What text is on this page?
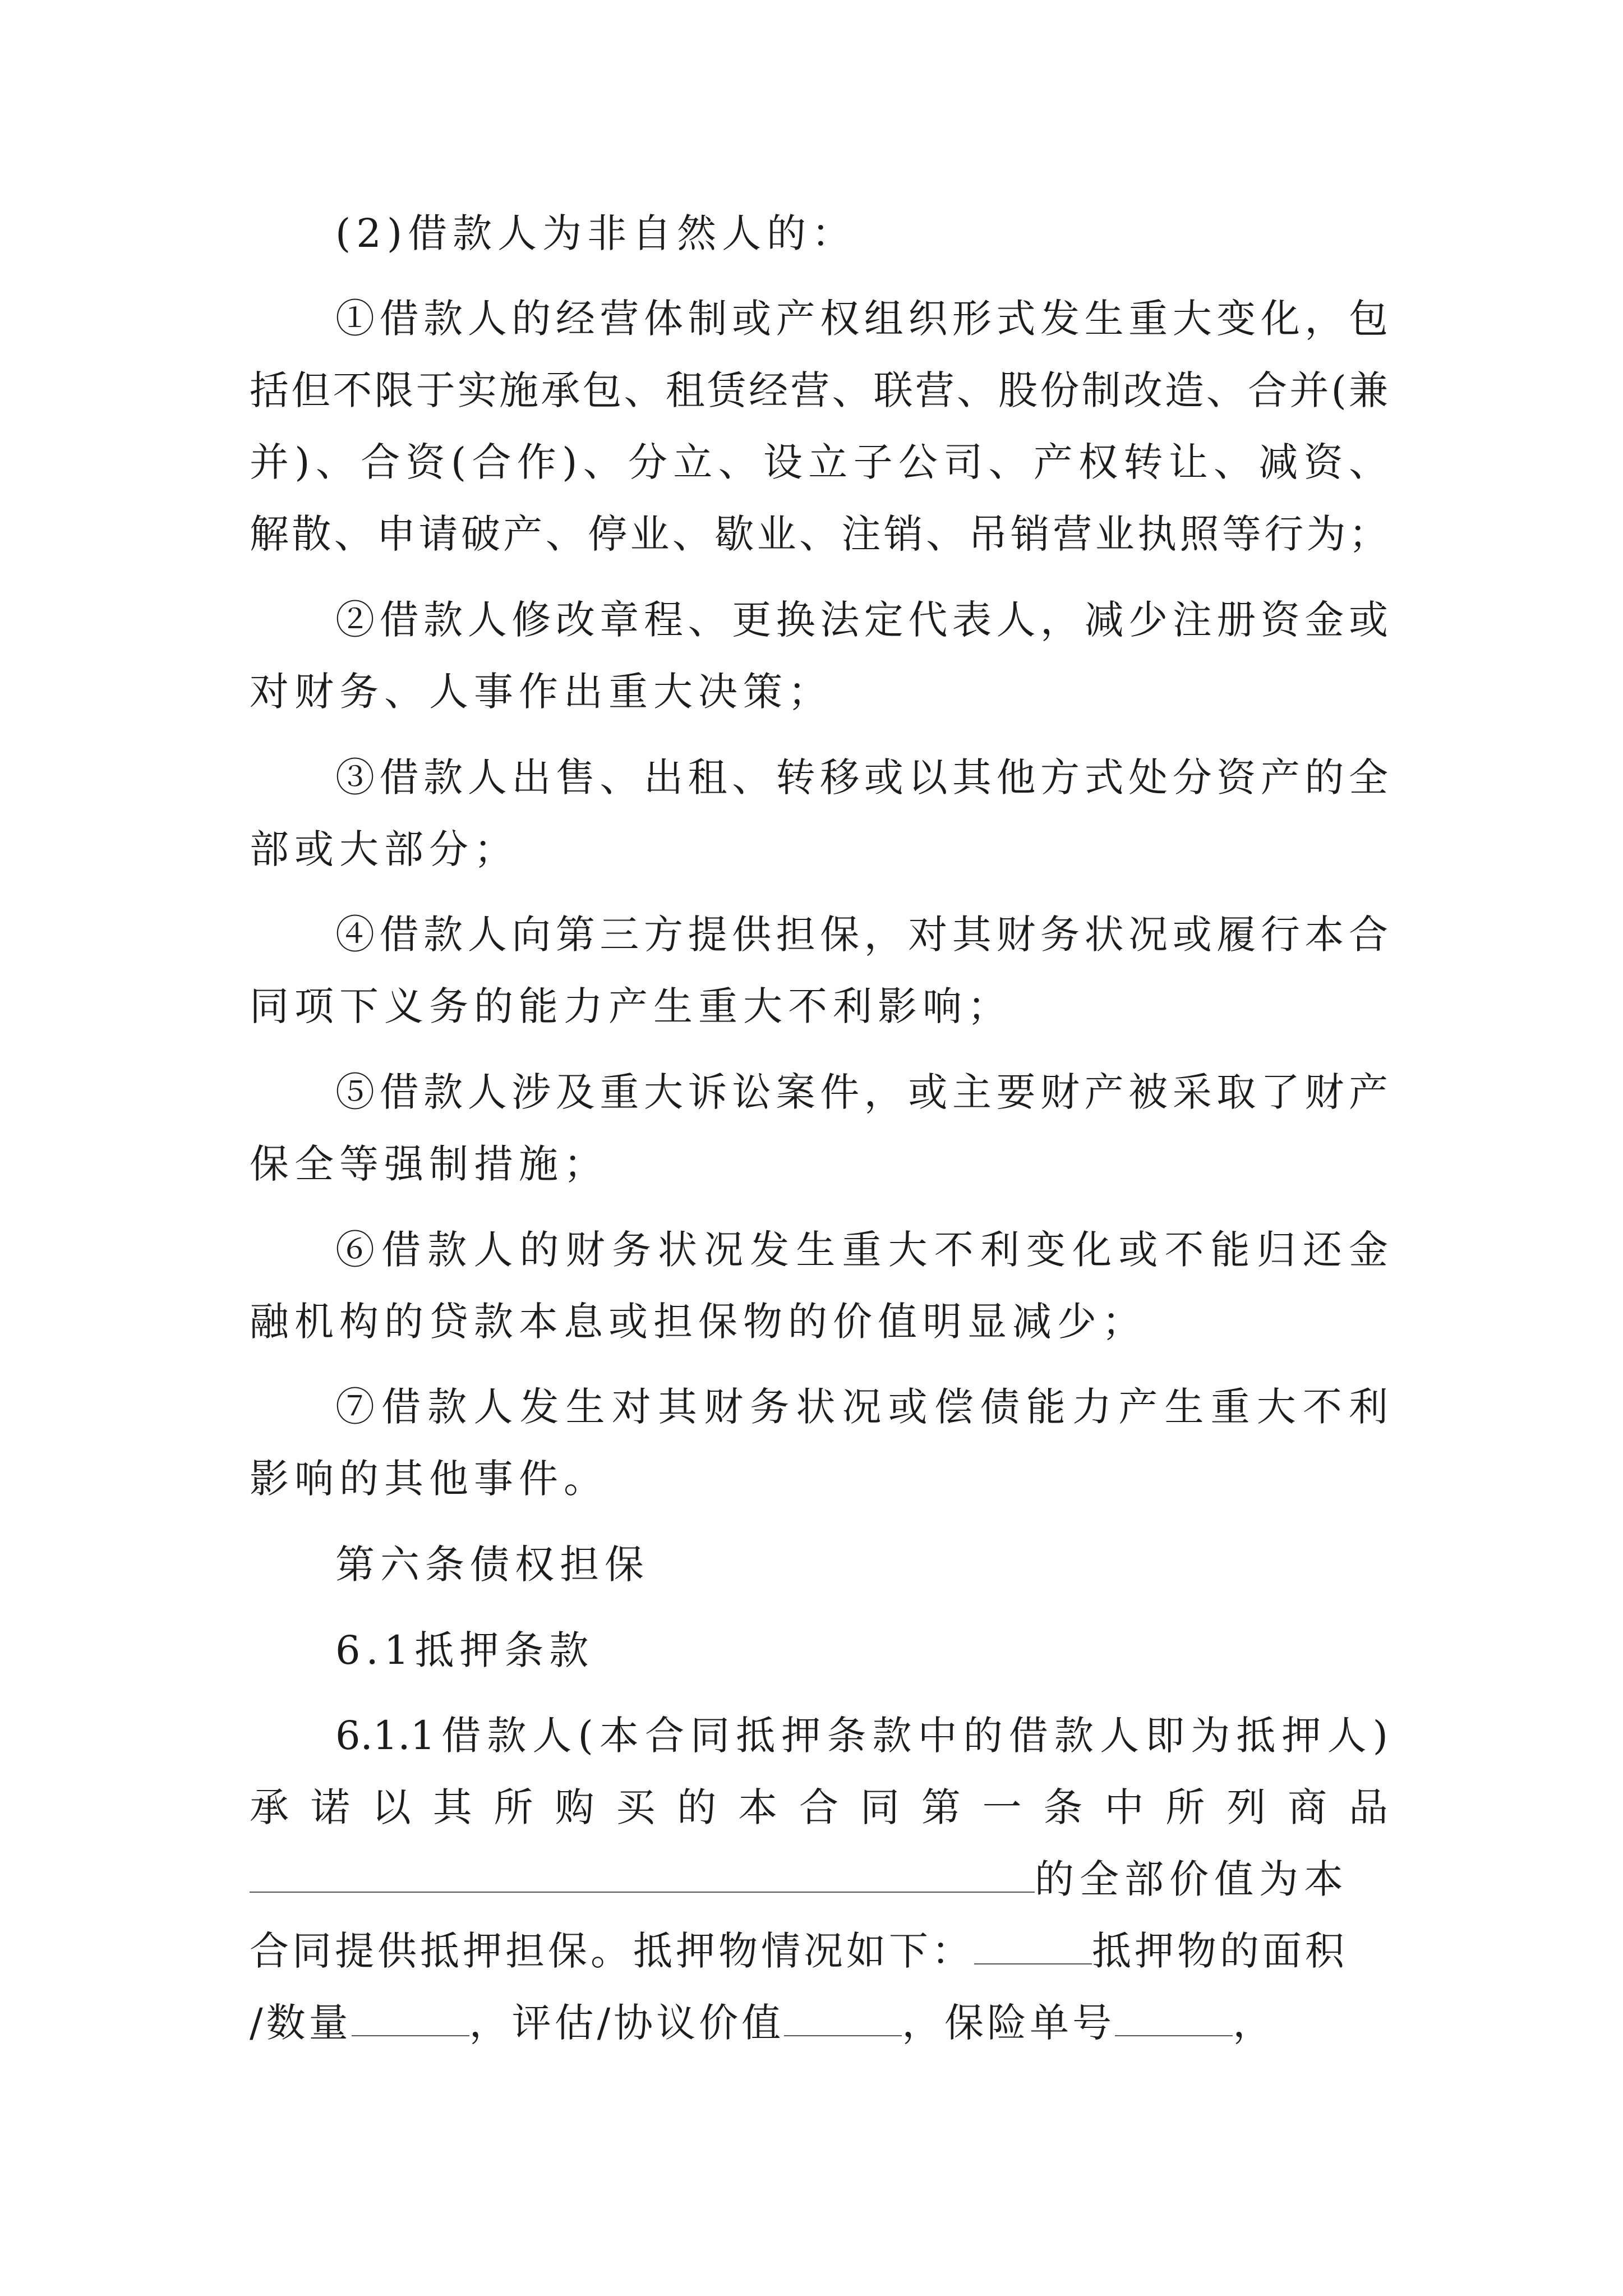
(2)借款人为非自然人的：
①借款人的经营体制或产权组织形式发生重大变化，包
括但不限于实施承包、租赁经营、联营、股份制改造、合并(兼
并)、合资(合作)、分立、设立子公司、产权转让、减资、
解散、申请破产、停业、歇业、注销、吊销营业执照等行为；
②借款人修改章程、更换法定代表人，减少注册资金或
对财务、人事作出重大决策；
③借款人出售、出租、转移或以其他方式处分资产的全
部或大部分；
④借款人向第三方提供担保，对其财务状况或履行本合
同项下义务的能力产生重大不利影响；
⑤借款人涉及重大诉讼案件，或主要财产被采取了财产
保全等强制措施；
⑥借款人的财务状况发生重大不利变化或不能归还金
融机构的贷款本息或担保物的价值明显减少；
⑦借款人发生对其财务状况或偿债能力产生重大不利
影响的其他事件。
第六条债权担保
6.1抵押条款
6.1.1借款人(本合同抵押条款中的借款人即为抵押人)
承诺以其所购买的本合同第一条中所列商品
的全部价值为本
合同提供抵押担保。抵押物情况如下：	抵押物的面积
/数量	，评估/协议价值	，保险单号	，
